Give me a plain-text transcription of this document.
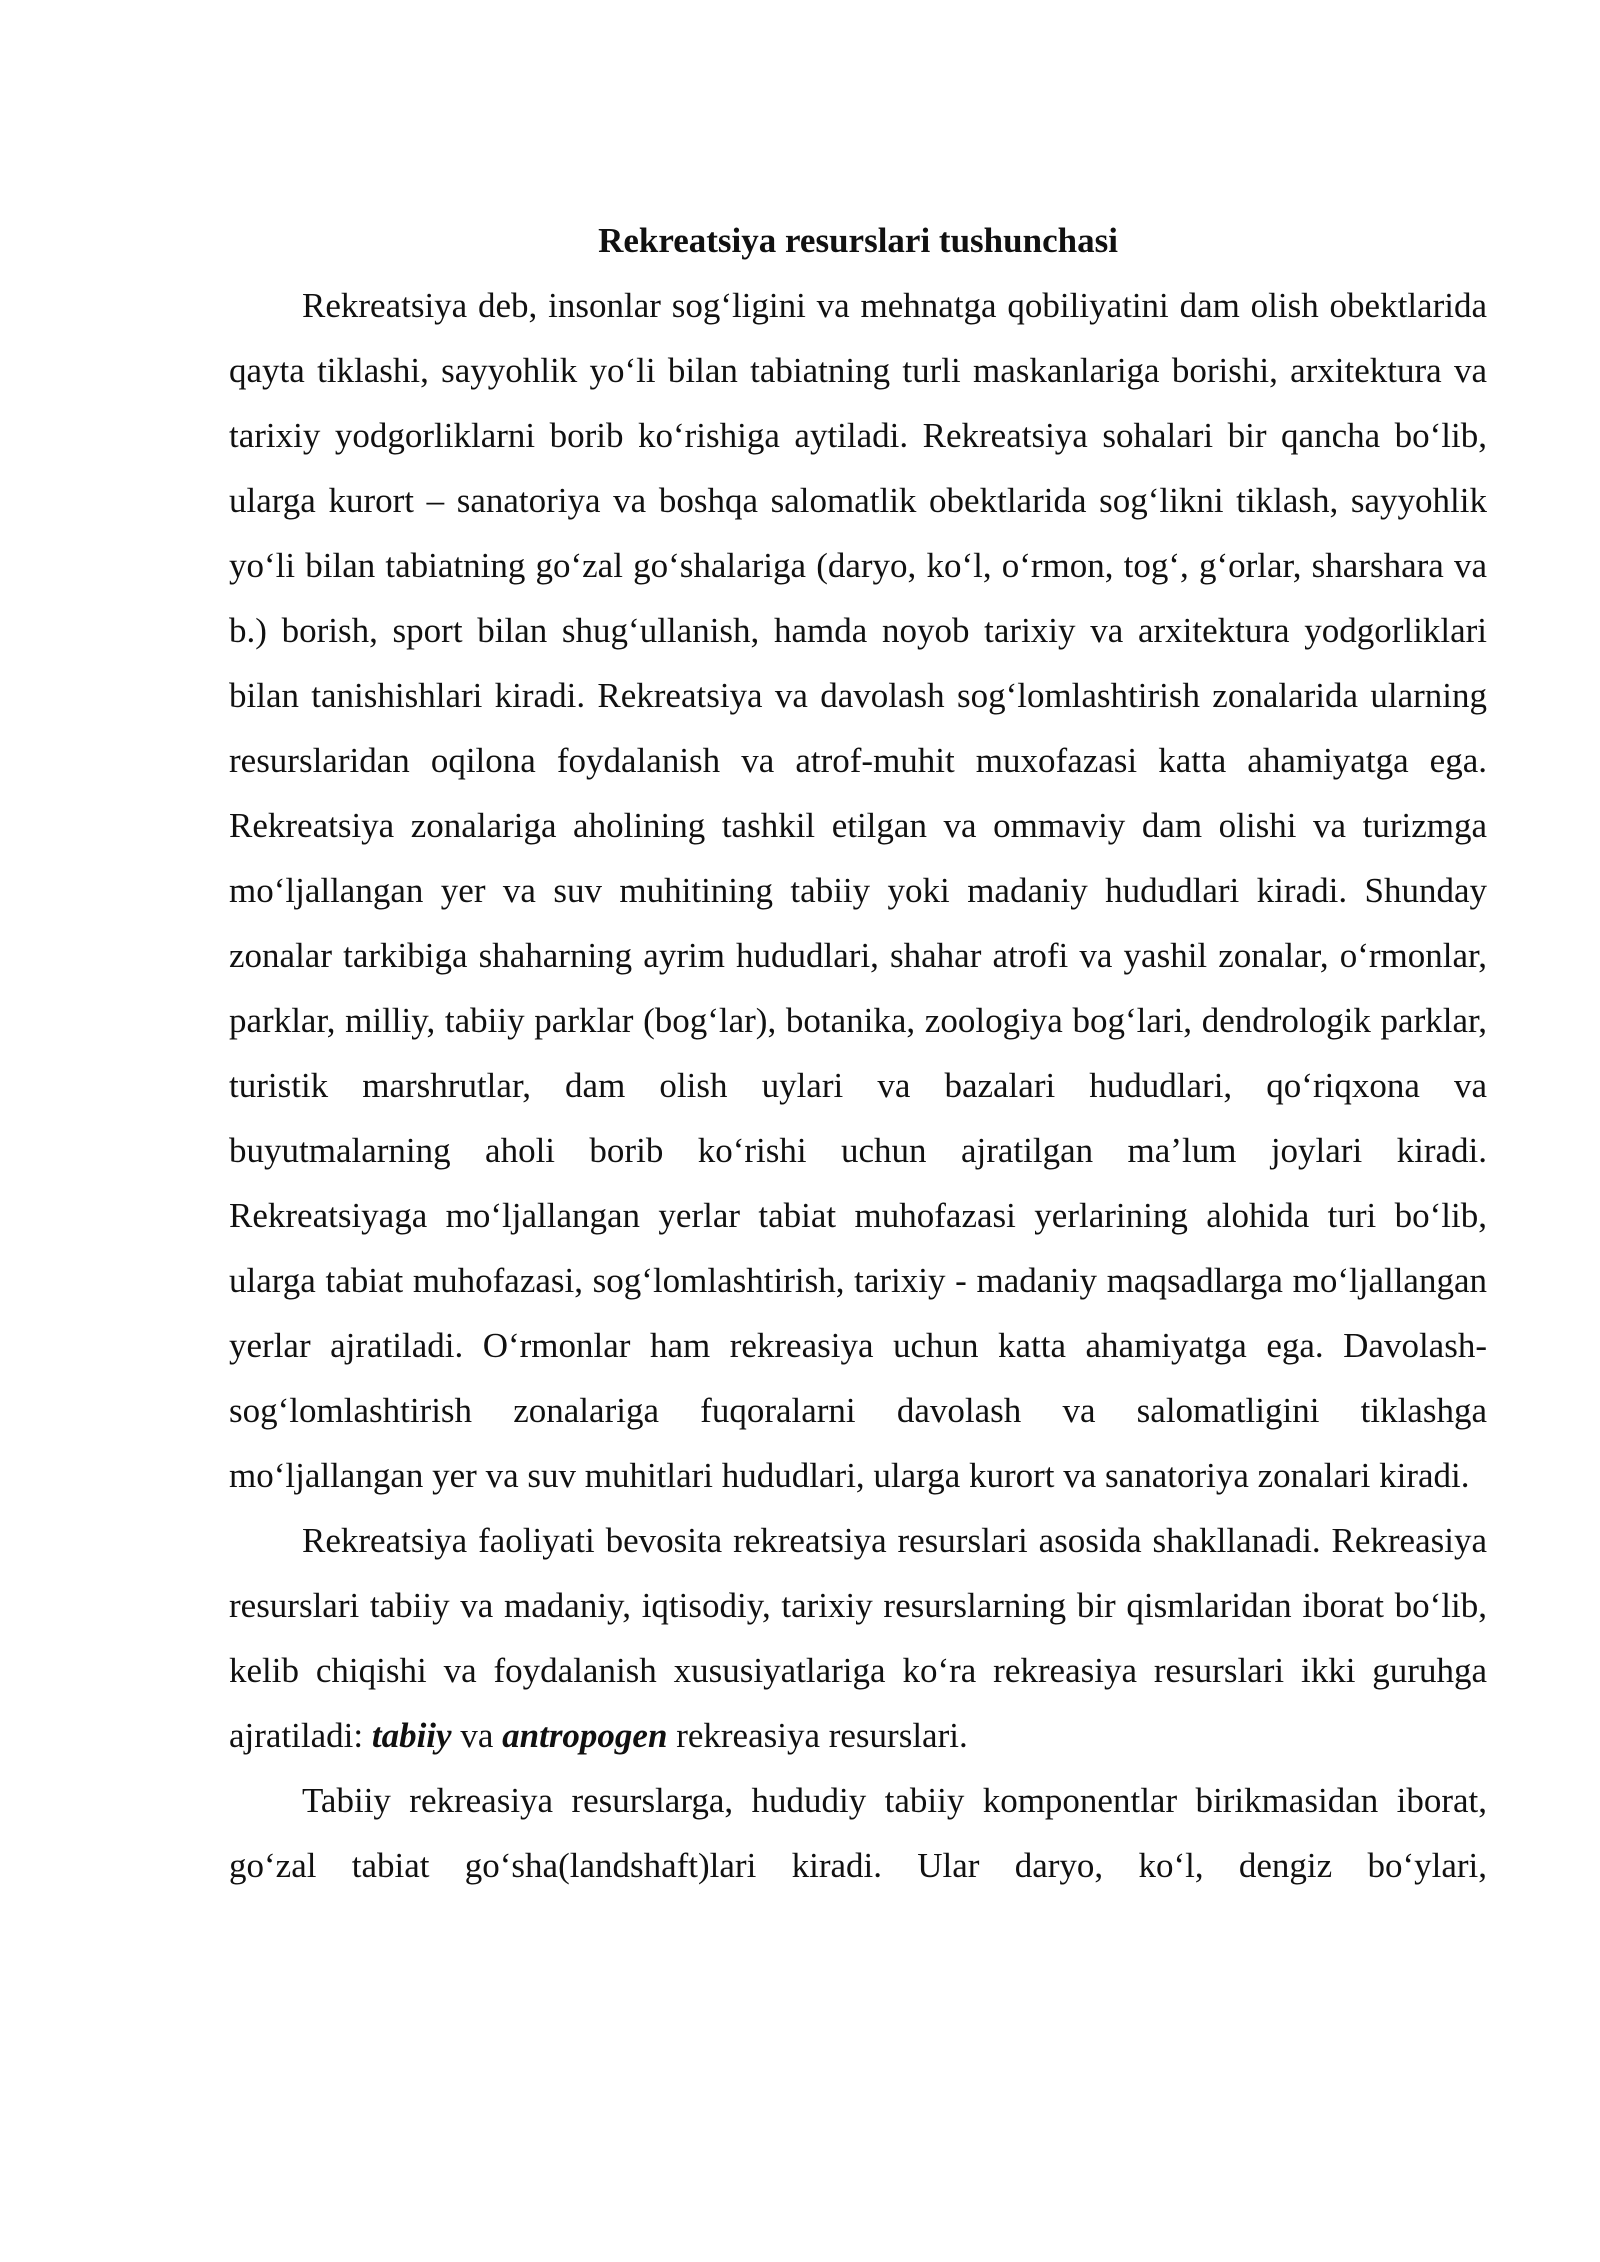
Rekreatsiya resurslari tushunchasi

Rekreatsiya deb, insonlar sog‘ligini va mehnatga qobiliyatini dam olish obektlarida qayta tiklashi, sayyohlik yo‘li bilan tabiatning turli maskanlariga borishi, arxitektura va tarixiy yodgorliklarni borib ko‘rishiga aytiladi. Rekreatsiya sohalari bir qancha bo‘lib, ularga kurort – sanatoriya va boshqa salomatlik obektlarida sog‘likni tiklash, sayyohlik yo‘li bilan tabiatning go‘zal go‘shalariga (daryo, ko‘l, o‘rmon, tog‘, g‘orlar, sharshara va b.) borish, sport bilan shug‘ullanish, hamda noyob tarixiy va arxitektura yodgorliklari bilan tanishishlari kiradi. Rekreatsiya va davolash sog‘lomlashtirish zonalarida ularning resurslaridan oqilona foydalanish va atrof-muhit muxofazasi katta ahamiyatga ega. Rekreatsiya zonalariga aholining tashkil etilgan va ommaviy dam olishi va turizmga mo‘ljallangan yer va suv muhitining tabiiy yoki madaniy hududlari kiradi. Shunday zonalar tarkibiga shaharning ayrim hududlari, shahar atrofi va yashil zonalar, o‘rmonlar, parklar, milliy, tabiiy parklar (bog‘lar), botanika, zoologiya bog‘lari, dendrologik parklar, turistik marshrutlar, dam olish uylari va bazalari hududlari, qo‘riqxona va buyutmalarning aholi borib ko‘rishi uchun ajratilgan ma’lum joylari kiradi. Rekreatsiyaga mo‘ljallangan yerlar tabiat muhofazasi yerlarining alohida turi bo‘lib, ularga tabiat muhofazasi, sog‘lomlashtirish, tarixiy - madaniy maqsadlarga mo‘ljallangan yerlar ajratiladi. O‘rmonlar ham rekreasiya uchun katta ahamiyatga ega. Davolash-sog‘lomlashtirish zonalariga fuqoralarni davolash va salomatligini tiklashga mo‘ljallangan yer va suv muhitlari hududlari, ularga kurort va sanatoriya zonalari kiradi.

Rekreatsiya faoliyati bevosita rekreatsiya resurslari asosida shakllanadi. Rekreasiya resurslari tabiiy va madaniy, iqtisodiy, tarixiy resurslarning bir qismlaridan iborat bo‘lib, kelib chiqishi va foydalanish xususiyatlariga ko‘ra rekreasiya resurslari ikki guruhga ajratiladi: tabiiy va antropogen rekreasiya resurslari.

Tabiiy rekreasiya resurslarga, hududiy tabiiy komponentlar birikmasidan iborat, go‘zal tabiat go‘sha(landshaft)lari kiradi. Ular daryo, ko‘l, dengiz bo‘ylari,
